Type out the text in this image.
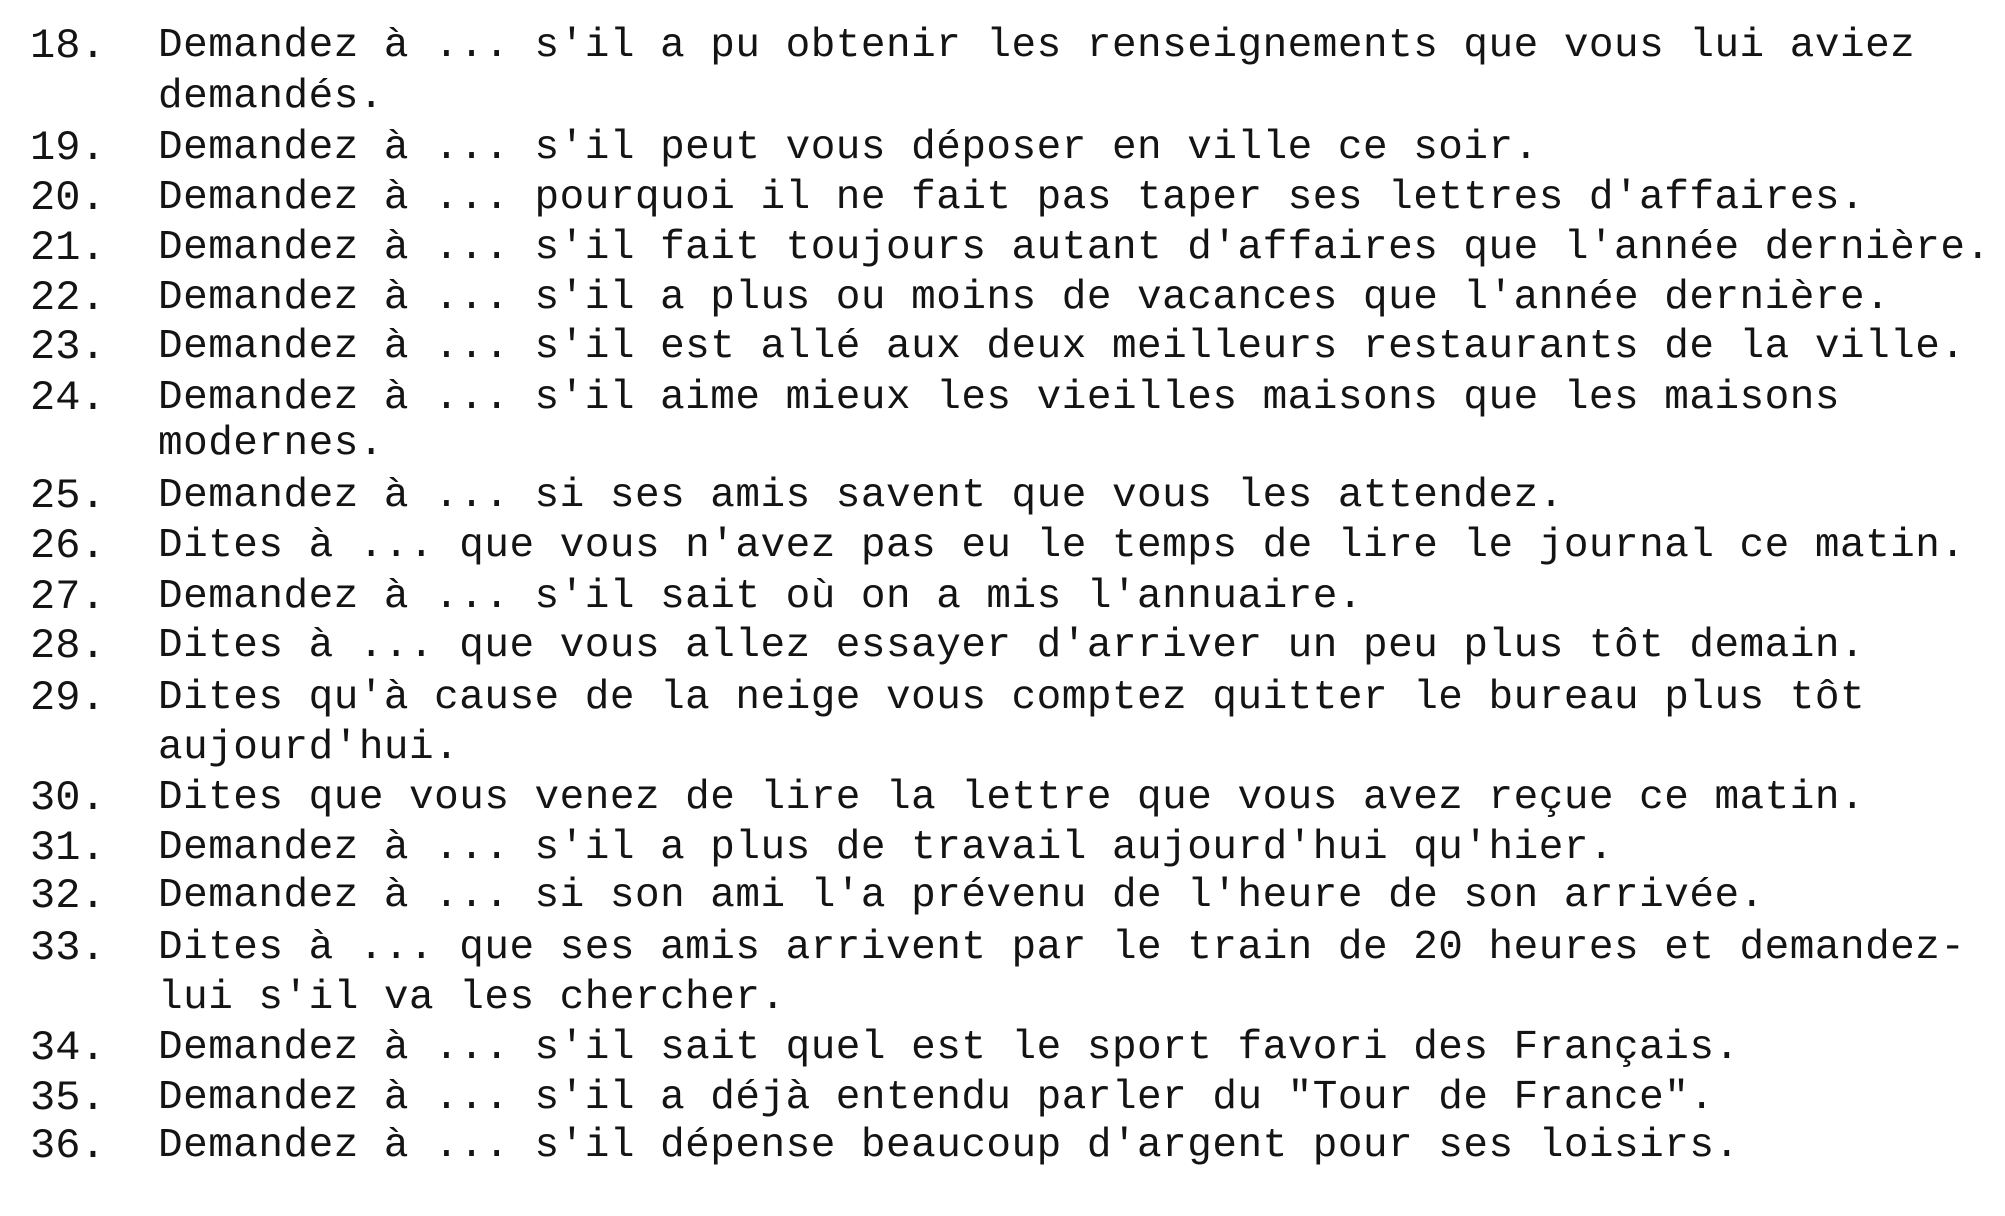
18. Demandez à ... s'il a pu obtenir les renseignements que vous lui aviez
demandés.
19. Demandez à ... s'il peut vous déposer en ville ce soir.
20. Demandez à ... pourquoi il ne fait pas taper ses lettres d'affaires.
21. Demandez à ... s'il fait toujours autant d'affaires que l'année dernière.
22. Demandez à ... s'il a plus ou moins de vacances que l'année dernière.
23. Demandez à ... s'il est allé aux deux meilleurs restaurants de la ville.
24. Demandez à ... s'il aime mieux les vieilles maisons que les maisons
modernes.
25. Demandez à ... si ses amis savent que vous les attendez.
26. Dites à ... que vous n'avez pas eu le temps de lire le journal ce matin.
27. Demandez à ... s'il sait où on a mis l'annuaire.
28. Dites à ... que vous allez essayer d'arriver un peu plus tôt demain.
29. Dites qu'à cause de la neige vous comptez quitter le bureau plus tôt
aujourd'hui.
30. Dites que vous venez de lire la lettre que vous avez reçue ce matin.
31. Demandez à ... s'il a plus de travail aujourd'hui qu'hier.
32. Demandez à ... si son ami l'a prévenu de l'heure de son arrivée.
33. Dites à ... que ses amis arrivent par le train de 20 heures et demandez-
lui s'il va les chercher.
34. Demandez à ... s'il sait quel est le sport favori des Français.
35. Demandez à ... s'il a déjà entendu parler du "Tour de France".
36. Demandez à ... s'il dépense beaucoup d'argent pour ses loisirs.
